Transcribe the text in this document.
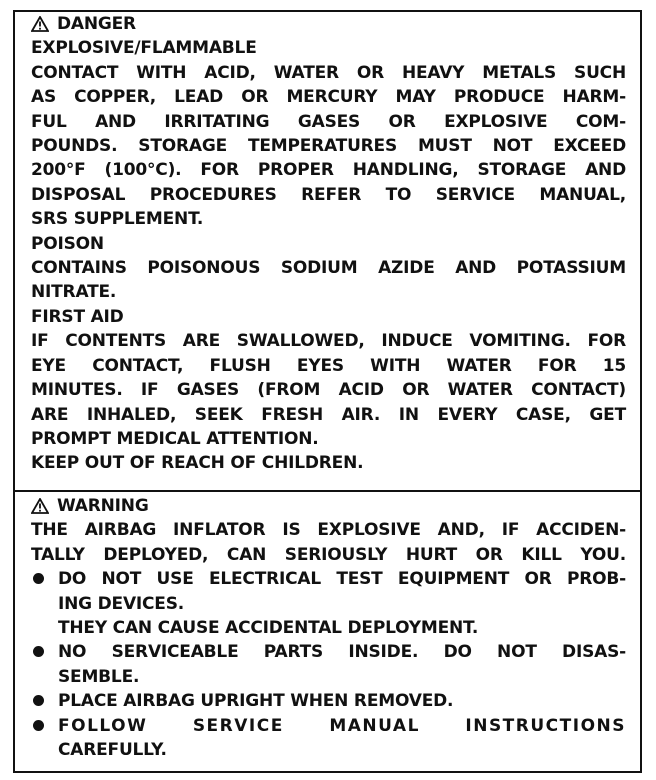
DANGER
EXPLOSIVE/FLAMMABLE
CONTACT WITH ACID, WATER OR HEAVY METALS SUCH
AS COPPER, LEAD OR MERCURY MAY PRODUCE HARM-
FUL AND IRRITATING GASES OR EXPLOSIVE COM-
POUNDS. STORAGE TEMPERATURES MUST NOT EXCEED
200°F (100°C). FOR PROPER HANDLING, STORAGE AND
DISPOSAL PROCEDURES REFER TO SERVICE MANUAL,
SRS SUPPLEMENT.
POISON
CONTAINS POISONOUS SODIUM AZIDE AND POTASSIUM
NITRATE.
FIRST AID
IF CONTENTS ARE SWALLOWED, INDUCE VOMITING. FOR
EYE CONTACT, FLUSH EYES WITH WATER FOR 15
MINUTES. IF GASES (FROM ACID OR WATER CONTACT)
ARE INHALED, SEEK FRESH AIR. IN EVERY CASE, GET
PROMPT MEDICAL ATTENTION.
KEEP OUT OF REACH OF CHILDREN.
WARNING
THE AIRBAG INFLATOR IS EXPLOSIVE AND, IF ACCIDEN-
TALLY DEPLOYED, CAN SERIOUSLY HURT OR KILL YOU.
DO NOT USE ELECTRICAL TEST EQUIPMENT OR PROB-
ING DEVICES.
THEY CAN CAUSE ACCIDENTAL DEPLOYMENT.
NO SERVICEABLE PARTS INSIDE. DO NOT DISAS-
SEMBLE.
PLACE AIRBAG UPRIGHT WHEN REMOVED.
FOLLOW SERVICE MANUAL INSTRUCTIONS
CAREFULLY.
